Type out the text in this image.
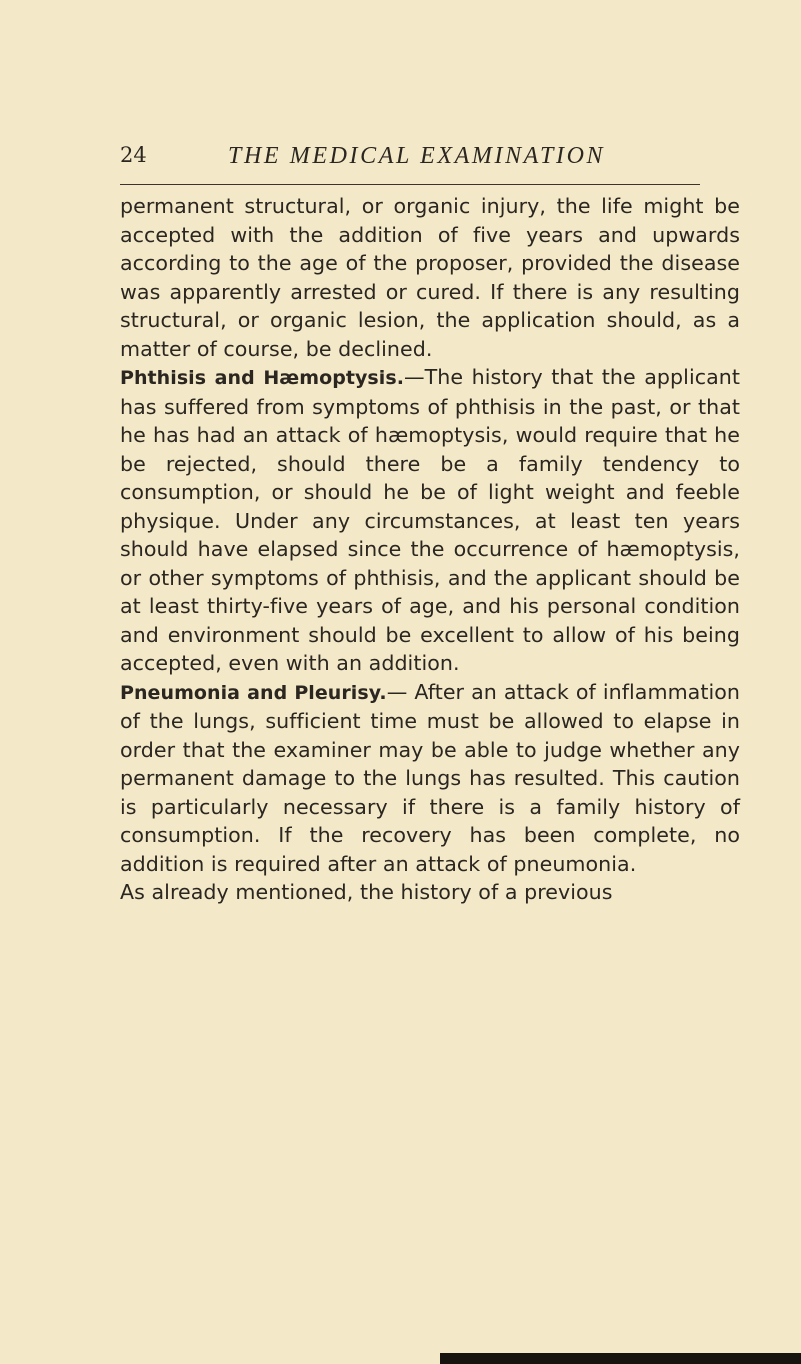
24	THE MEDICAL EXAMINATION

permanent structural, or organic injury, the life might be accepted with the addition of five years and upwards according to the age of the proposer, provided the disease was apparently arrested or cured. If there is any resulting structural, or organic lesion, the application should, as a matter of course, be declined.

Phthisis and Hæmoptysis.—The history that the applicant has suffered from symptoms of phthisis in the past, or that he has had an attack of hæmoptysis, would require that he be rejected, should there be a family tendency to consumption, or should he be of light weight and feeble physique. Under any circumstances, at least ten years should have elapsed since the occurrence of hæmoptysis, or other symptoms of phthisis, and the applicant should be at least thirty-five years of age, and his personal condition and environment should be excellent to allow of his being accepted, even with an addition.

Pneumonia and Pleurisy.— After an attack of inflammation of the lungs, sufficient time must be allowed to elapse in order that the examiner may be able to judge whether any permanent damage to the lungs has resulted. This caution is particularly necessary if there is a family history of consumption. If the recovery has been complete, no addition is required after an attack of pneumonia.

As already mentioned, the history of a previous
